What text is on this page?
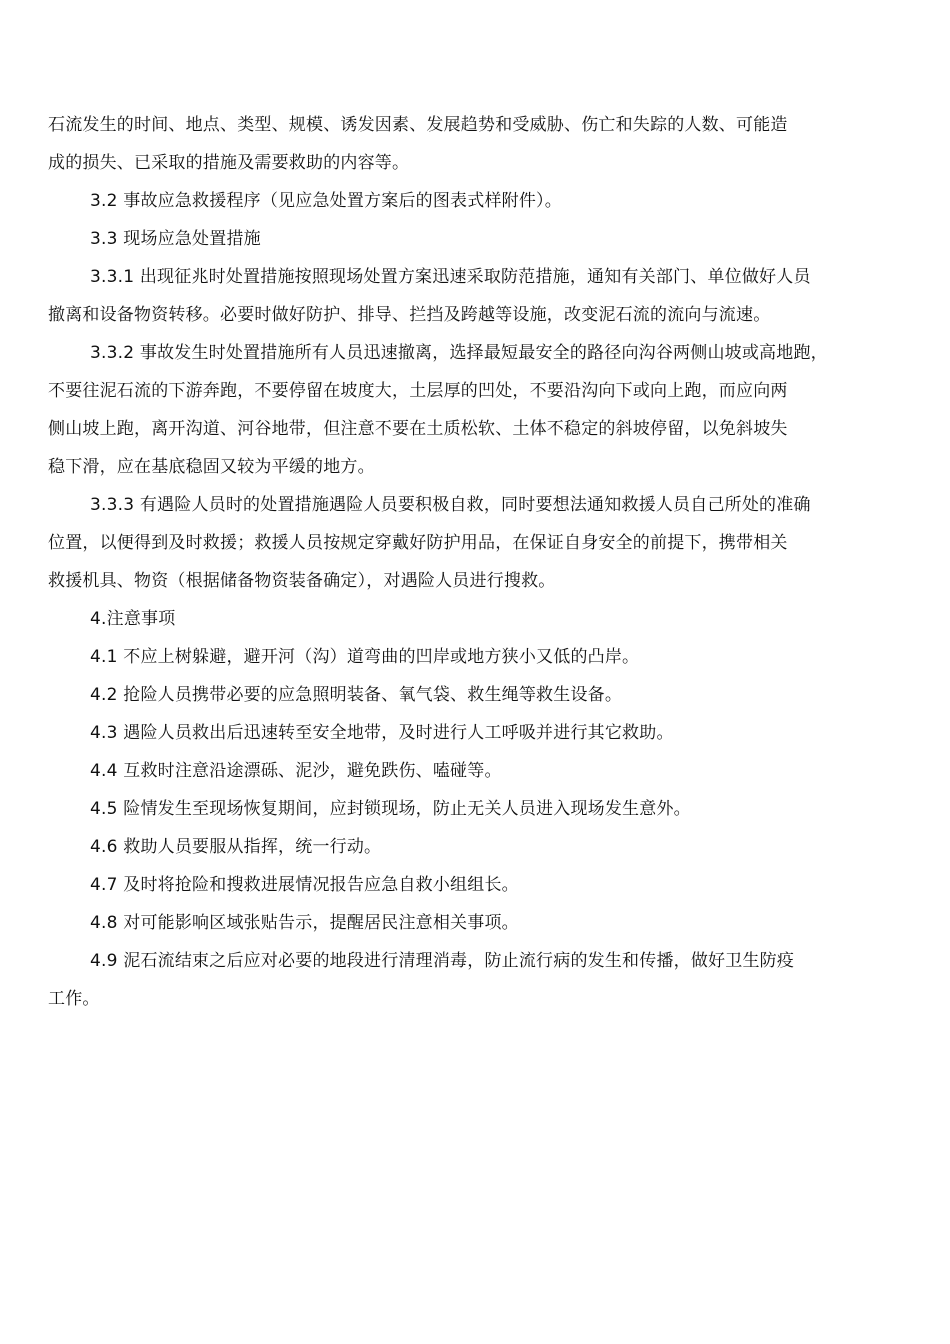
石流发生的时间、地点、类型、规模、诱发因素、发展趋势和受威胁、伤亡和失踪的人数、可能造
成的损失、已采取的措施及需要救助的内容等。
3.2 事故应急救援程序（见应急处置方案后的图表式样附件）。
3.3 现场应急处置措施
3.3.1 出现征兆时处置措施按照现场处置方案迅速采取防范措施，通知有关部门、单位做好人员
撤离和设备物资转移。必要时做好防护、排导、拦挡及跨越等设施，改变泥石流的流向与流速。
3.3.2 事故发生时处置措施所有人员迅速撤离，选择最短最安全的路径向沟谷两侧山坡或高地跑，
不要往泥石流的下游奔跑，不要停留在坡度大，土层厚的凹处，不要沿沟向下或向上跑，而应向两
侧山坡上跑，离开沟道、河谷地带，但注意不要在土质松软、土体不稳定的斜坡停留，以免斜坡失
稳下滑，应在基底稳固又较为平缓的地方。
3.3.3 有遇险人员时的处置措施遇险人员要积极自救，同时要想法通知救援人员自己所处的准确
位置，以便得到及时救援；救援人员按规定穿戴好防护用品，在保证自身安全的前提下，携带相关
救援机具、物资（根据储备物资装备确定），对遇险人员进行搜救。
4.注意事项
4.1 不应上树躲避，避开河（沟）道弯曲的凹岸或地方狭小又低的凸岸。
4.2 抢险人员携带必要的应急照明装备、氧气袋、救生绳等救生设备。
4.3 遇险人员救出后迅速转至安全地带，及时进行人工呼吸并进行其它救助。
4.4 互救时注意沿途漂砾、泥沙，避免跌伤、嗑碰等。
4.5 险情发生至现场恢复期间，应封锁现场，防止无关人员进入现场发生意外。
4.6 救助人员要服从指挥，统一行动。
4.7 及时将抢险和搜救进展情况报告应急自救小组组长。
4.8 对可能影响区域张贴告示，提醒居民注意相关事项。
4.9 泥石流结束之后应对必要的地段进行清理消毒，防止流行病的发生和传播，做好卫生防疫
工作。
